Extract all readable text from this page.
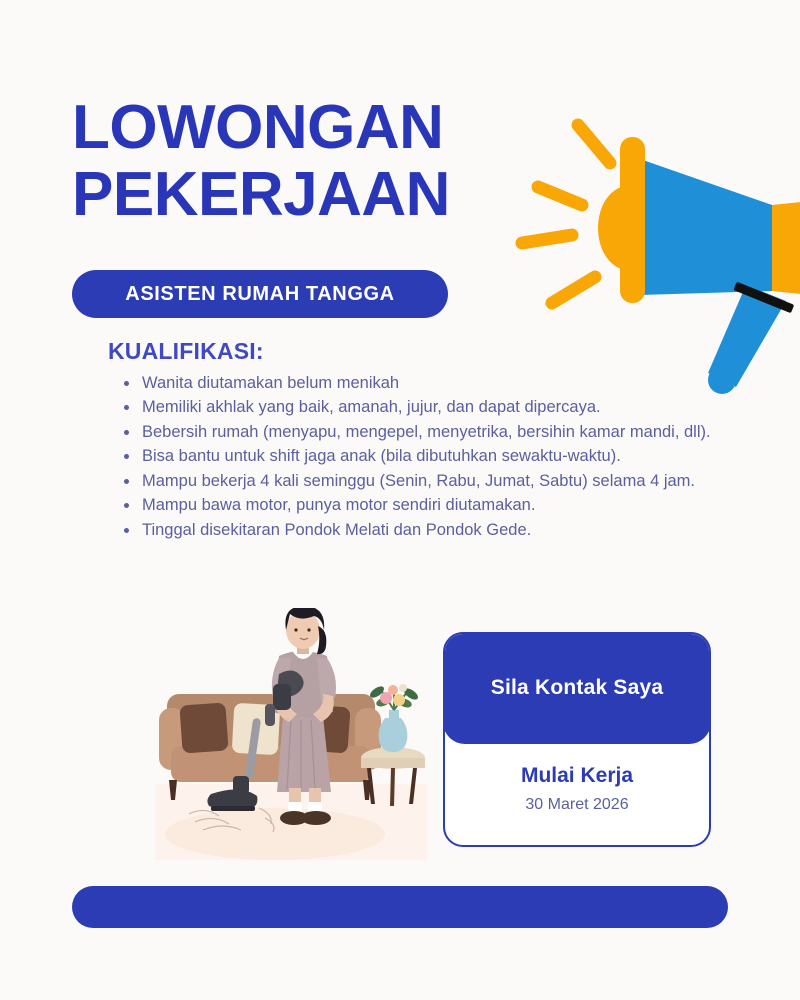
LOWONGAN
PEKERJAAN
ASISTEN RUMAH TANGGA
KUALIFIKASI:
Wanita diutamakan belum menikah
Memiliki akhlak yang baik, amanah, jujur, dan dapat dipercaya.
Bebersih rumah (menyapu, mengepel, menyetrika, bersihin kamar mandi, dll).
Bisa bantu untuk shift jaga anak (bila dibutuhkan sewaktu-waktu).
Mampu bekerja 4 kali seminggu (Senin, Rabu, Jumat, Sabtu) selama 4 jam.
Mampu bawa motor, punya motor sendiri diutamakan.
Tinggal disekitaran Pondok Melati dan Pondok Gede.
Sila Kontak Saya
Mulai Kerja
30 Maret 2026
